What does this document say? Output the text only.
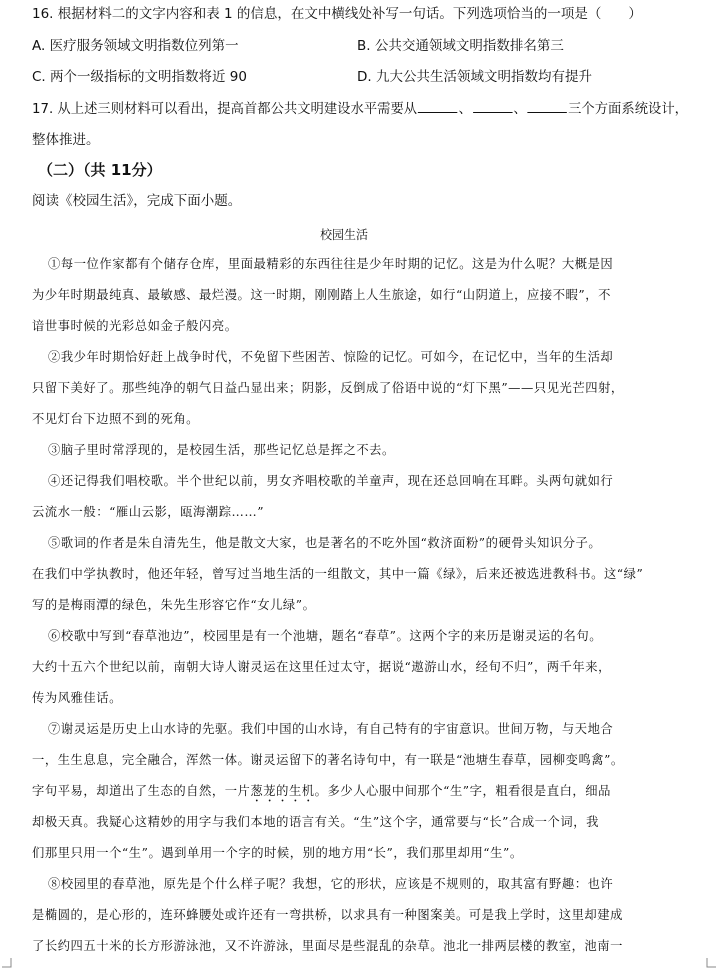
16. 根据材料二的文字内容和表 1 的信息，在文中横线处补写一句话。下列选项恰当的一项是（　　）
A. 医疗服务领域文明指数位列第一	B. 公共交通领域文明指数排名第三
C. 两个一级指标的文明指数将近 90	D. 九大公共生活领域文明指数均有提升
17. 从上述三则材料可以看出，提高首都公共文明建设水平需要从	、	、	三个方面系统设计，
整体推进。
（二）（共 11分）
阅读《校园生活》，完成下面小题。
校园生活
①每一位作家都有个储存仓库，里面最精彩的东西往往是少年时期的记忆。这是为什么呢？大概是因
为少年时期最纯真、最敏感、最烂漫。这一时期，刚刚踏上人生旅途，如行“山阴道上，应接不暇”，不
谙世事时候的光彩总如金子般闪亮。
②我少年时期恰好赶上战争时代，不免留下些困苦、惊险的记忆。可如今，在记忆中，当年的生活却
只留下美好了。那些纯净的朝气日益凸显出来；阴影，反倒成了俗语中说的“灯下黑”——只见光芒四射，
不见灯台下边照不到的死角。
③脑子里时常浮现的，是校园生活，那些记忆总是挥之不去。
④还记得我们唱校歌。半个世纪以前，男女齐唱校歌的羊童声，现在还总回响在耳畔。头两句就如行
云流水一般：“雁山云影，瓯海潮踪……”
⑤歌词的作者是朱自清先生，他是散文大家，也是著名的不吃外国“救济面粉”的硬骨头知识分子。
在我们中学执教时，他还年轻，曾写过当地生活的一组散文，其中一篇《绿》，后来还被选进教科书。这“绿”
写的是梅雨潭的绿色，朱先生形容它作“女儿绿”。
⑥校歌中写到“春草池边”，校园里是有一个池塘，题名“春草”。这两个字的来历是谢灵运的名句。
大约十五六个世纪以前，南朝大诗人谢灵运在这里任过太守，据说“遨游山水，经旬不归”，两千年来，
传为风雅佳话。
⑦谢灵运是历史上山水诗的先驱。我们中国的山水诗，有自己特有的宇宙意识。世间万物，与天地合
一，生生息息，完全融合，浑然一体。谢灵运留下的著名诗句中，有一联是“池塘生春草，园柳变鸣禽”。
字句平易，却道出了生态的自然，一片葱茏的生机。多少人心服中间那个“生”字，粗看很是直白，细品
却极天真。我疑心这精妙的用字与我们本地的语言有关。“生”这个字，通常要与“长”合成一个词，我
们那里只用一个“生”。遇到单用一个字的时候，别的地方用“长”，我们那里却用“生”。
⑧校园里的春草池，原先是个什么样子呢？我想，它的形状，应该是不规则的，取其富有野趣：也许
是椭圆的，是心形的，连环蜂腰处或许还有一弯拱桥，以求具有一种图案美。可是我上学时，这里却建成
了长约四五十米的长方形游泳池，又不许游泳，里面尽是些混乱的杂草。池北一排两层楼的教室，池南一
